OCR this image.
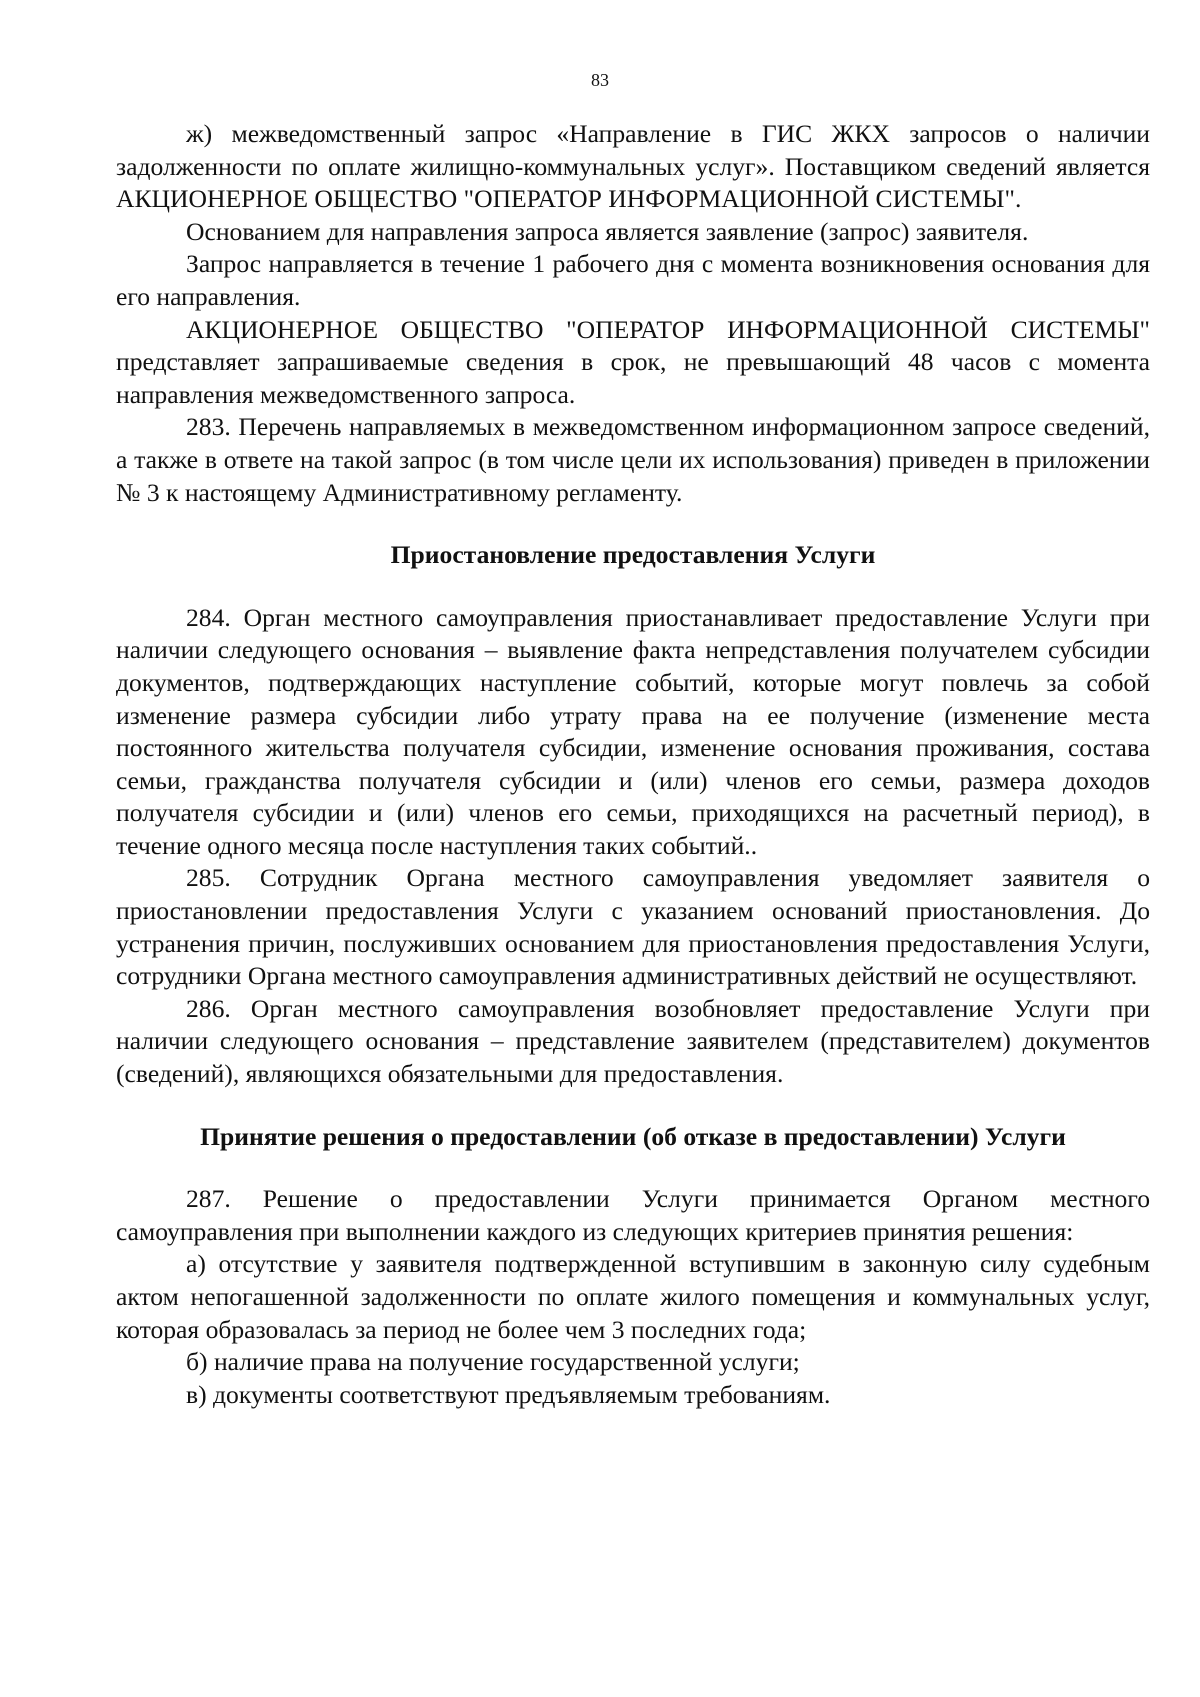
83

ж) межведомственный запрос «Направление в ГИС ЖКХ запросов о наличии задолженности по оплате жилищно-коммунальных услуг». Поставщиком сведений является АКЦИОНЕРНОЕ ОБЩЕСТВО "ОПЕРАТОР ИНФОРМАЦИОННОЙ СИСТЕМЫ".

Основанием для направления запроса является заявление (запрос) заявителя.

Запрос направляется в течение 1 рабочего дня с момента возникновения основания для его направления.

АКЦИОНЕРНОЕ ОБЩЕСТВО "ОПЕРАТОР ИНФОРМАЦИОННОЙ СИСТЕМЫ" представляет запрашиваемые сведения в срок, не превышающий 48 часов с момента направления межведомственного запроса.

283. Перечень направляемых в межведомственном информационном запросе сведений, а также в ответе на такой запрос (в том числе цели их использования) приведен в приложении № 3 к настоящему Административному регламенту.

Приостановление предоставления Услуги

284. Орган местного самоуправления приостанавливает предоставление Услуги при наличии следующего основания – выявление факта непредставления получателем субсидии документов, подтверждающих наступление событий, которые могут повлечь за собой изменение размера субсидии либо утрату права на ее получение (изменение места постоянного жительства получателя субсидии, изменение основания проживания, состава семьи, гражданства получателя субсидии и (или) членов его семьи, размера доходов получателя субсидии и (или) членов его семьи, приходящихся на расчетный период), в течение одного месяца после наступления таких событий..

285. Сотрудник Органа местного самоуправления уведомляет заявителя о приостановлении предоставления Услуги с указанием оснований приостановления. До устранения причин, послуживших основанием для приостановления предоставления Услуги, сотрудники Органа местного самоуправления административных действий не осуществляют.

286. Орган местного самоуправления возобновляет предоставление Услуги при наличии следующего основания – представление заявителем (представителем) документов (сведений), являющихся обязательными для предоставления.

Принятие решения о предоставлении (об отказе в предоставлении) Услуги

287. Решение о предоставлении Услуги принимается Органом местного самоуправления при выполнении каждого из следующих критериев принятия решения:

а) отсутствие у заявителя подтвержденной вступившим в законную силу судебным актом непогашенной задолженности по оплате жилого помещения и коммунальных услуг, которая образовалась за период не более чем 3 последних года;

б) наличие права на получение государственной услуги;

в) документы соответствуют предъявляемым требованиям.
